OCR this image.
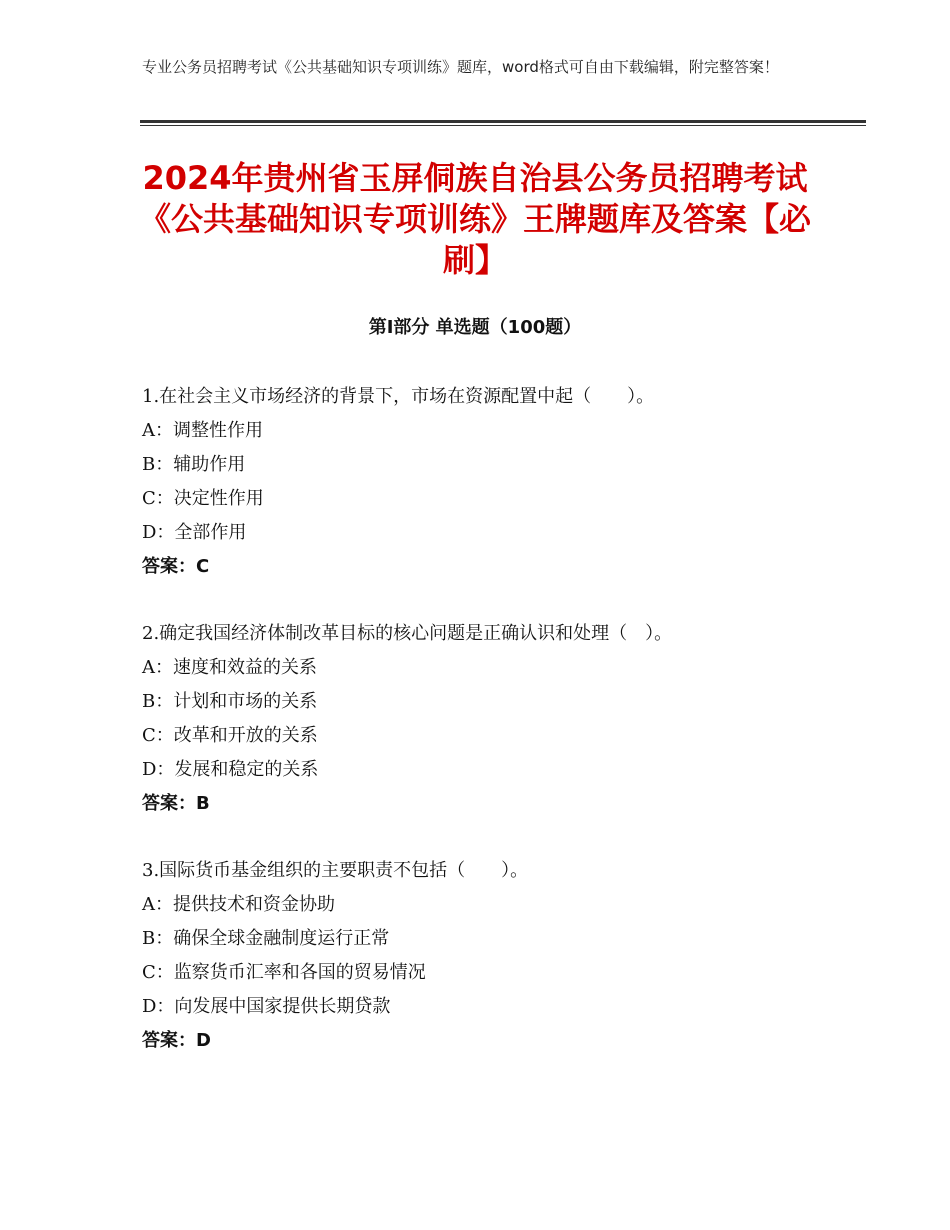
专业公务员招聘考试《公共基础知识专项训练》题库，word格式可自由下载编辑，附完整答案！
2024年贵州省玉屏侗族自治县公务员招聘考试《公共基础知识专项训练》王牌题库及答案【必刷】
第Ⅰ部分 单选题（100题）
1.在社会主义市场经济的背景下，市场在资源配置中起（　　）。
A：调整性作用
B：辅助作用
C：决定性作用
D：全部作用
答案：C
2.确定我国经济体制改革目标的核心问题是正确认识和处理（　）。
A：速度和效益的关系
B：计划和市场的关系
C：改革和开放的关系
D：发展和稳定的关系
答案：B
3.国际货币基金组织的主要职责不包括（　　）。
A：提供技术和资金协助
B：确保全球金融制度运行正常
C：监察货币汇率和各国的贸易情况
D：向发展中国家提供长期贷款
答案：D
